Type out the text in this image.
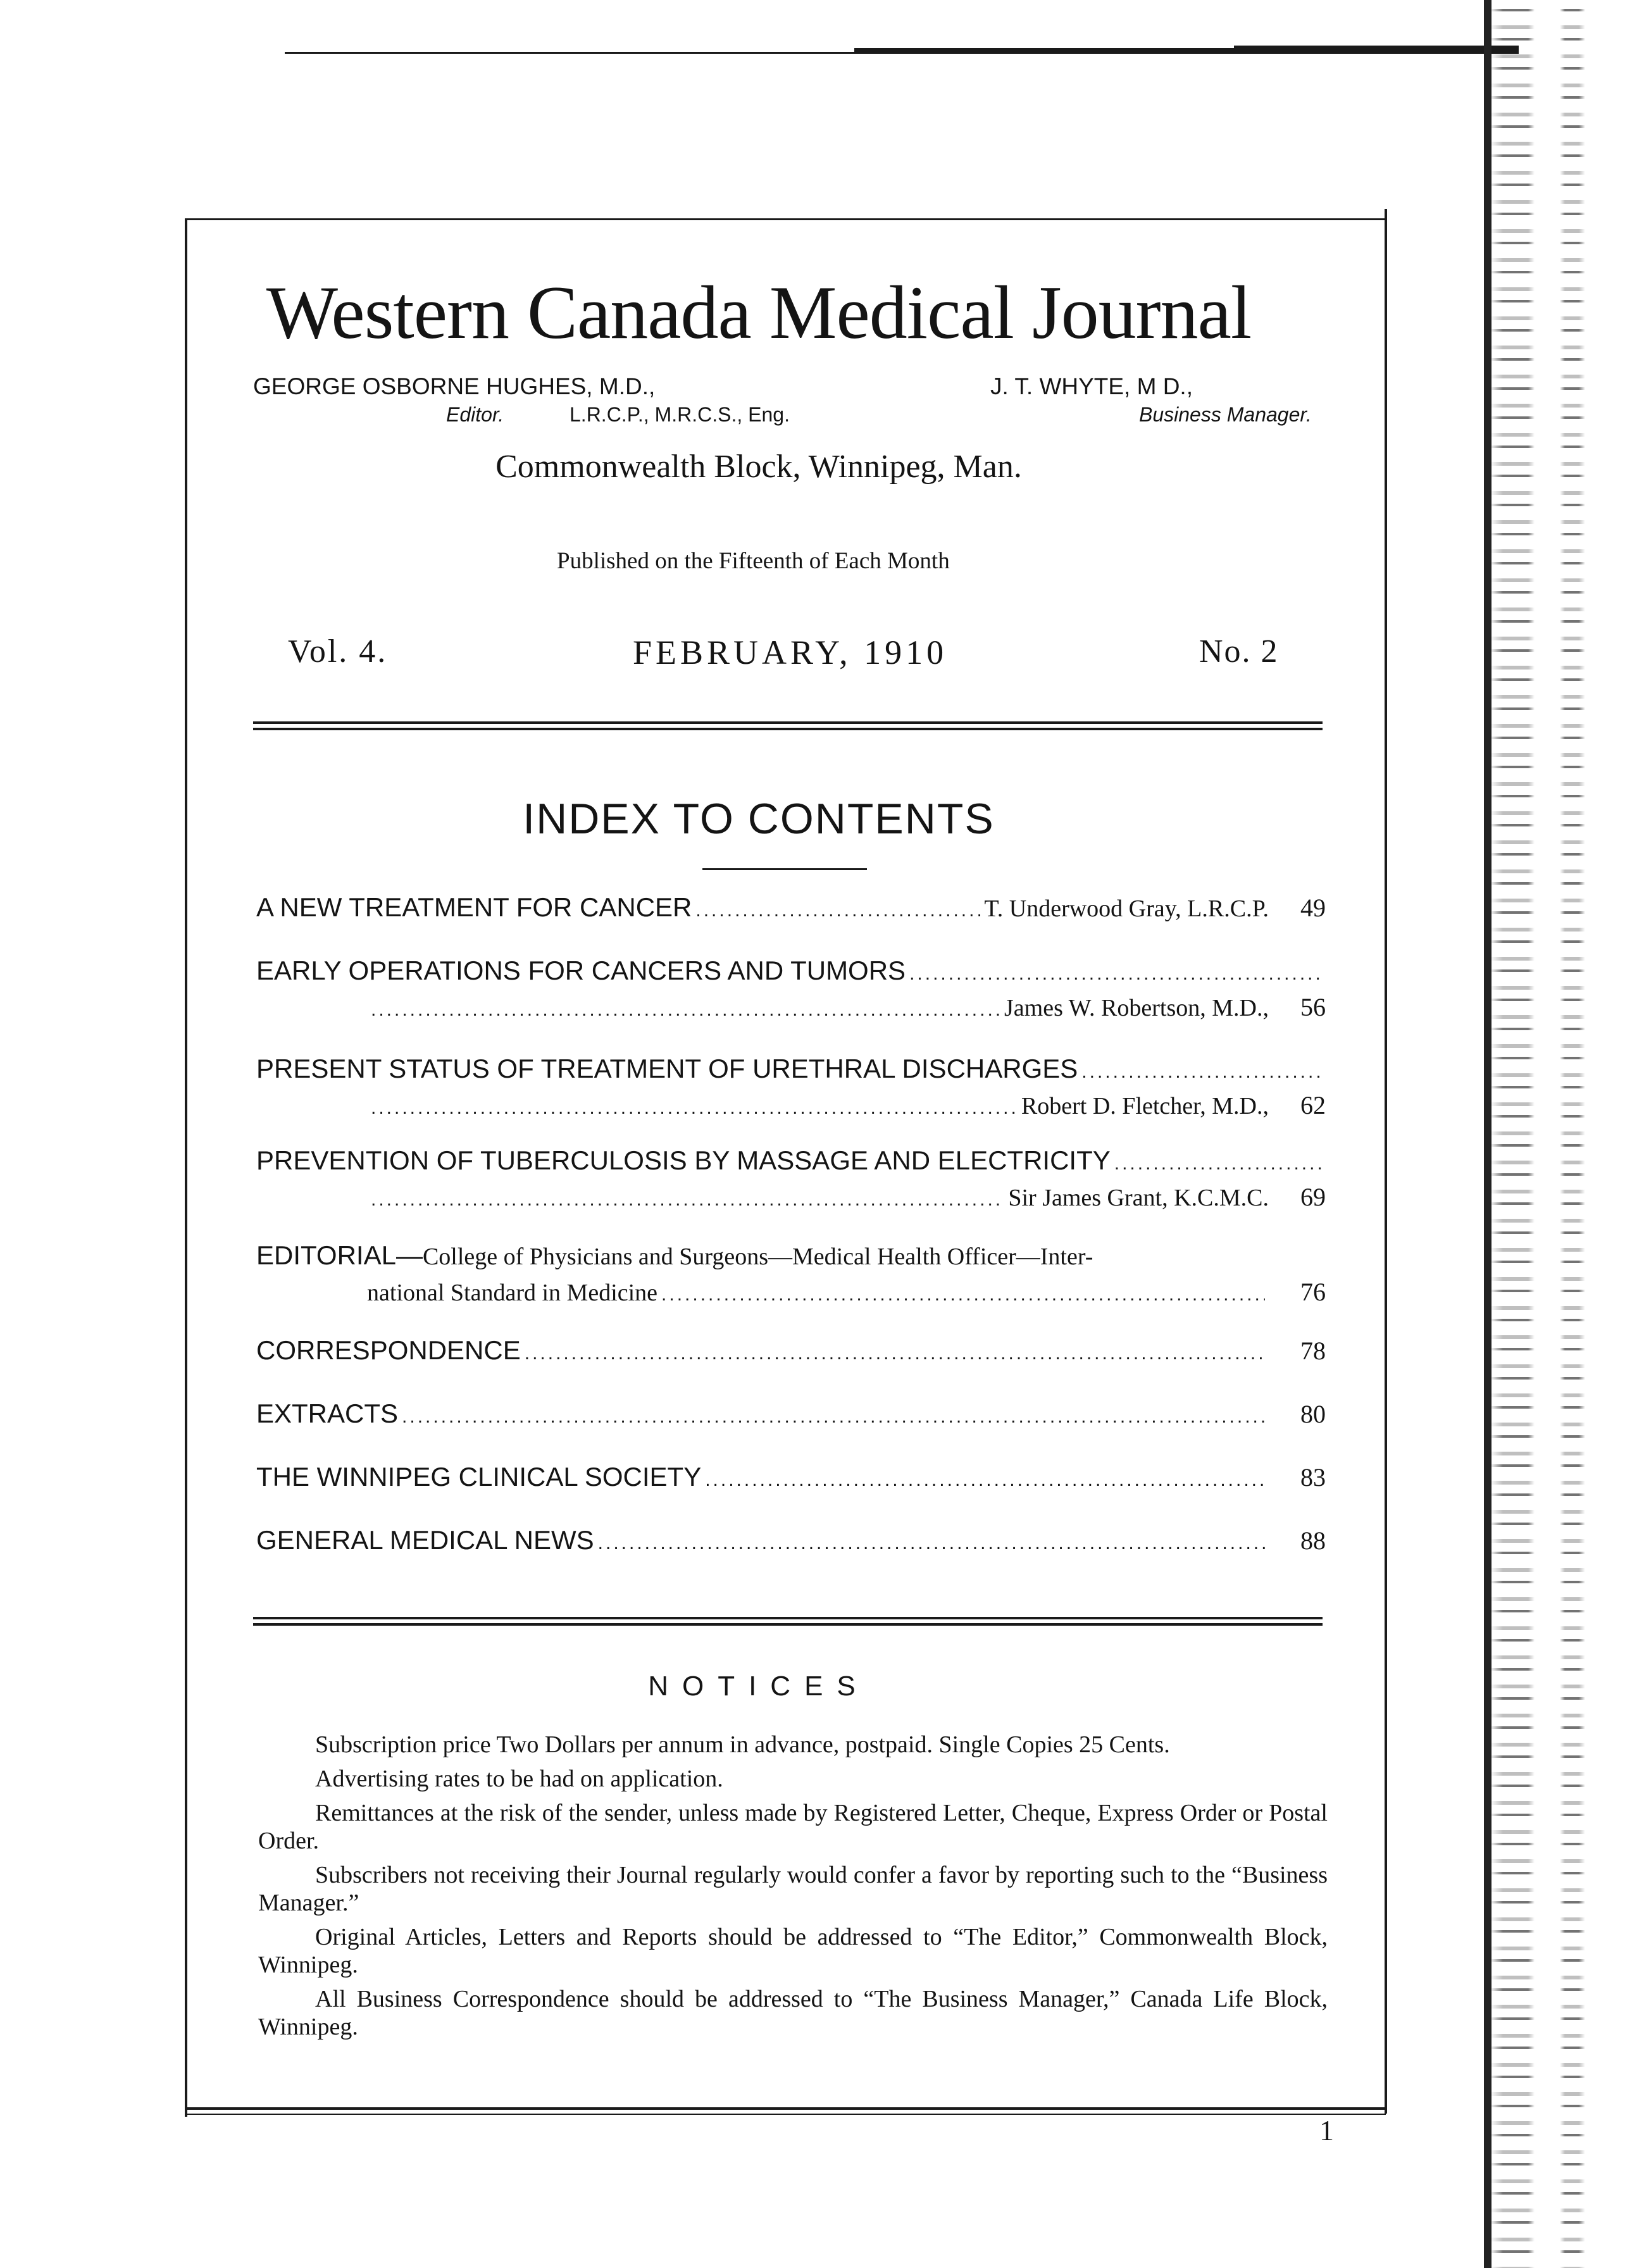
Western Canada Medical Journal
GEORGE OSBORNE HUGHES, M.D.,
Editor.	L.R.C.P., M.R.C.S., Eng.
J. T. WHYTE, M D.,
Business Manager.
Commonwealth Block, Winnipeg, Man.
Published on the Fifteenth of Each Month
Vol. 4.	FEBRUARY, 1910	No. 2
INDEX TO CONTENTS
A NEW TREATMENT FOR CANCER .....	T. Underwood Gray, L.R.C.P.	49
EARLY OPERATIONS FOR CANCERS AND TUMORS
.....
.....
James W. Robertson, M.D.,	56
PRESENT STATUS OF TREATMENT OF URETHRAL DISCHARGES
.....
.....
Robert D. Fletcher, M.D.,	62
PREVENTION OF TUBERCULOSIS BY MASSAGE AND ELECTRICITY
.....
.....
Sir James Grant, K.C.M.C.	69
EDITORIAL—College of Physicians and Surgeons—Medical Health Officer—Inter-
national Standard in Medicine .....	76
CORRESPONDENCE .....	78
EXTRACTS .....	80
THE WINNIPEG CLINICAL SOCIETY .....	83
GENERAL MEDICAL NEWS .....	88
NOTICES

Subscription price Two Dollars per annum in advance, postpaid. Single Copies 25 Cents.

Advertising rates to be had on application.

Remittances at the risk of the sender, unless made by Registered Letter, Cheque, Express Order or Postal Order.

Subscribers not receiving their Journal regularly would confer a favor by reporting such to the “Business Manager.”

Original Articles, Letters and Reports should be addressed to “The Editor,” Commonwealth Block, Winnipeg.

All Business Correspondence should be addressed to “The Business Manager,” Canada Life Block, Winnipeg.

1
